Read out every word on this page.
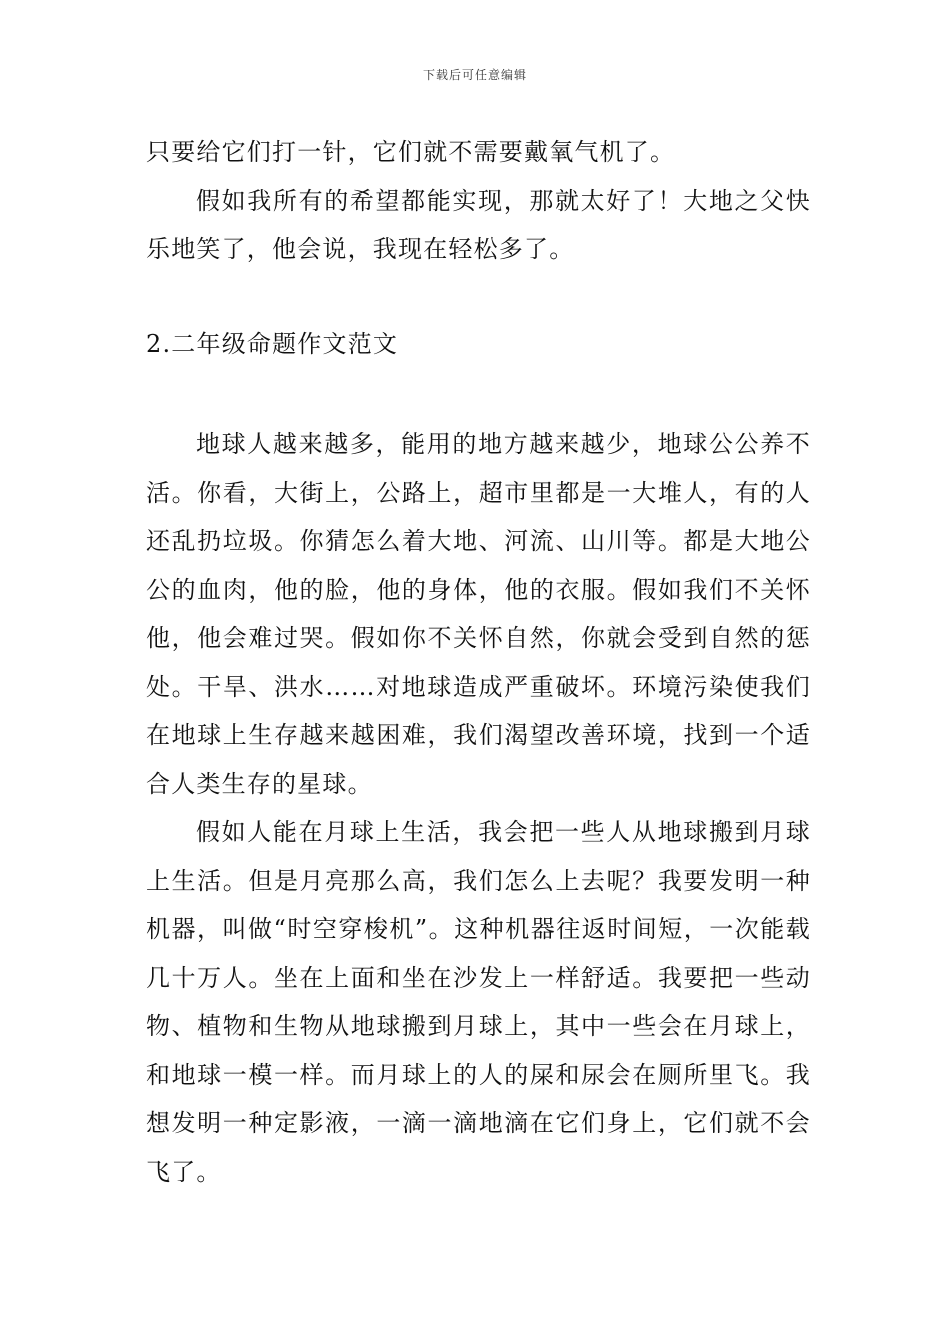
下载后可任意编辑

只要给它们打一针，它们就不需要戴氧气机了。

假如我所有的希望都能实现，那就太好了！大地之父快乐地笑了，他会说，我现在轻松多了。

2.二年级命题作文范文

地球人越来越多，能用的地方越来越少，地球公公养不活。你看，大街上，公路上，超市里都是一大堆人，有的人还乱扔垃圾。你猜怎么着大地、河流、山川等。都是大地公公的血肉，他的脸，他的身体，他的衣服。假如我们不关怀他，他会难过哭。假如你不关怀自然，你就会受到自然的惩处。干旱、洪水……对地球造成严重破坏。环境污染使我们在地球上生存越来越困难，我们渴望改善环境，找到一个适合人类生存的星球。

假如人能在月球上生活，我会把一些人从地球搬到月球上生活。但是月亮那么高，我们怎么上去呢？我要发明一种机器，叫做“时空穿梭机”。这种机器往返时间短，一次能载几十万人。坐在上面和坐在沙发上一样舒适。我要把一些动物、植物和生物从地球搬到月球上，其中一些会在月球上，和地球一模一样。而月球上的人的屎和尿会在厕所里飞。我想发明一种定影液，一滴一滴地滴在它们身上，它们就不会飞了。
